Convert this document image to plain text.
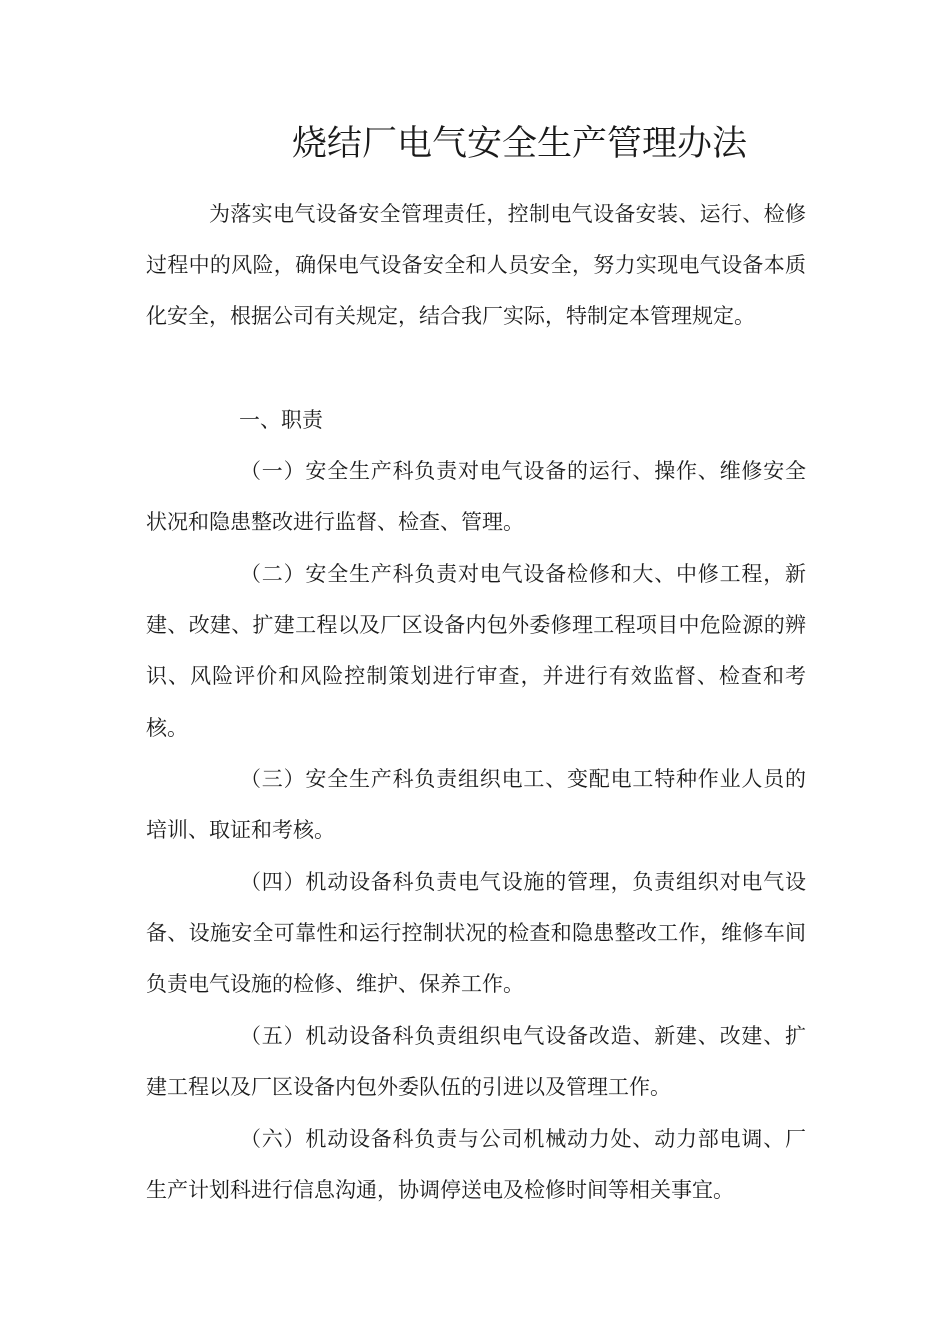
烧结厂电气安全生产管理办法

为落实电气设备安全管理责任，控制电气设备安装、运行、检修过程中的风险，确保电气设备安全和人员安全，努力实现电气设备本质化安全，根据公司有关规定，结合我厂实际，特制定本管理规定。

一、职责

（一）安全生产科负责对电气设备的运行、操作、维修安全状况和隐患整改进行监督、检查、管理。

（二）安全生产科负责对电气设备检修和大、中修工程，新建、改建、扩建工程以及厂区设备内包外委修理工程项目中危险源的辨识、风险评价和风险控制策划进行审查，并进行有效监督、检查和考核。

（三）安全生产科负责组织电工、变配电工特种作业人员的培训、取证和考核。

（四）机动设备科负责电气设施的管理，负责组织对电气设备、设施安全可靠性和运行控制状况的检查和隐患整改工作，维修车间负责电气设施的检修、维护、保养工作。

（五）机动设备科负责组织电气设备改造、新建、改建、扩建工程以及厂区设备内包外委队伍的引进以及管理工作。

（六）机动设备科负责与公司机械动力处、动力部电调、厂生产计划科进行信息沟通，协调停送电及检修时间等相关事宜。
